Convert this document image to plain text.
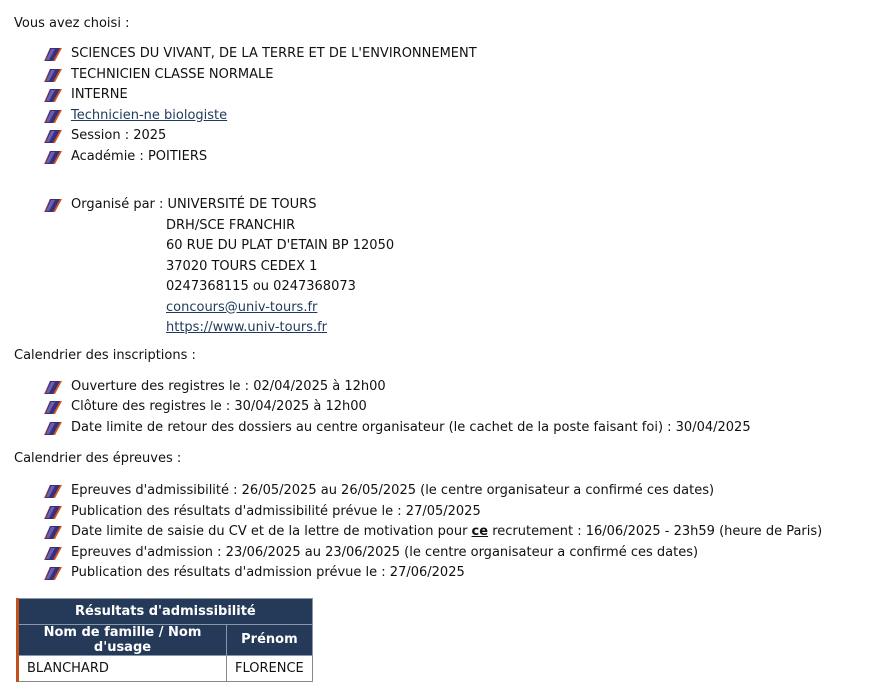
Vous avez choisi :

SCIENCES DU VIVANT, DE LA TERRE ET DE L'ENVIRONNEMENT
TECHNICIEN CLASSE NORMALE
INTERNE
Technicien-ne biologiste
Session : 2025
Académie : POITIERS
Organisé par : UNIVERSITÉ DE TOURS
DRH/SCE FRANCHIR
60 RUE DU PLAT D'ETAIN BP 12050
37020 TOURS CEDEX 1
0247368115 ou 0247368073
concours@univ-tours.fr
https://www.univ-tours.fr

Calendrier des inscriptions :

Ouverture des registres le : 02/04/2025 à 12h00
Clôture des registres le : 30/04/2025 à 12h00
Date limite de retour des dossiers au centre organisateur (le cachet de la poste faisant foi) : 30/04/2025

Calendrier des épreuves :

Epreuves d'admissibilité : 26/05/2025 au 26/05/2025 (le centre organisateur a confirmé ces dates)
Publication des résultats d'admissibilité prévue le : 27/05/2025
Date limite de saisie du CV et de la lettre de motivation pour ce recrutement : 16/06/2025 - 23h59 (heure de Paris)
Epreuves d'admission : 23/06/2025 au 23/06/2025 (le centre organisateur a confirmé ces dates)
Publication des résultats d'admission prévue le : 27/06/2025
Résultats d'admissibilité	
Nom de famille / Nom d'usage	Prénom
BLANCHARD	FLORENCE
